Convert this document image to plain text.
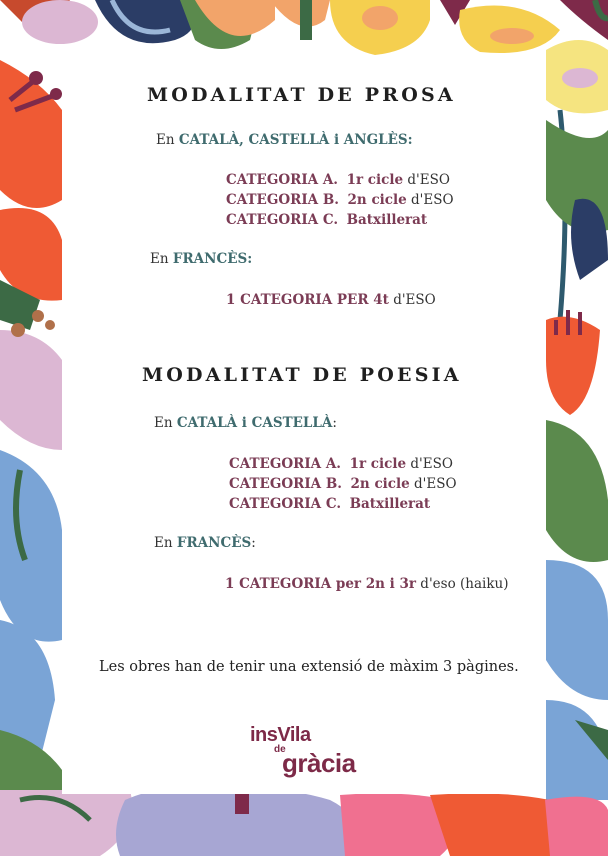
MODALITAT DE PROSA
En CATALÀ, CASTELLÀ i ANGLÈS:
CATEGORIA A. 1r cicle d'ESO
CATEGORIA B. 2n cicle d'ESO
CATEGORIA C. Batxillerat
En FRANCÈS:
1 CATEGORIA PER 4t d'ESO
MODALITAT DE POESIA
En CATALÀ i CASTELLÀ:
CATEGORIA A. 1r cicle d'ESO
CATEGORIA B. 2n cicle d'ESO
CATEGORIA C. Batxillerat
En FRANCÈS:
1 CATEGORIA per 2n i 3r d'eso (haiku)
Les obres han de tenir una extensió de màxim 3 pàgines.
insVila
de
gràcia
